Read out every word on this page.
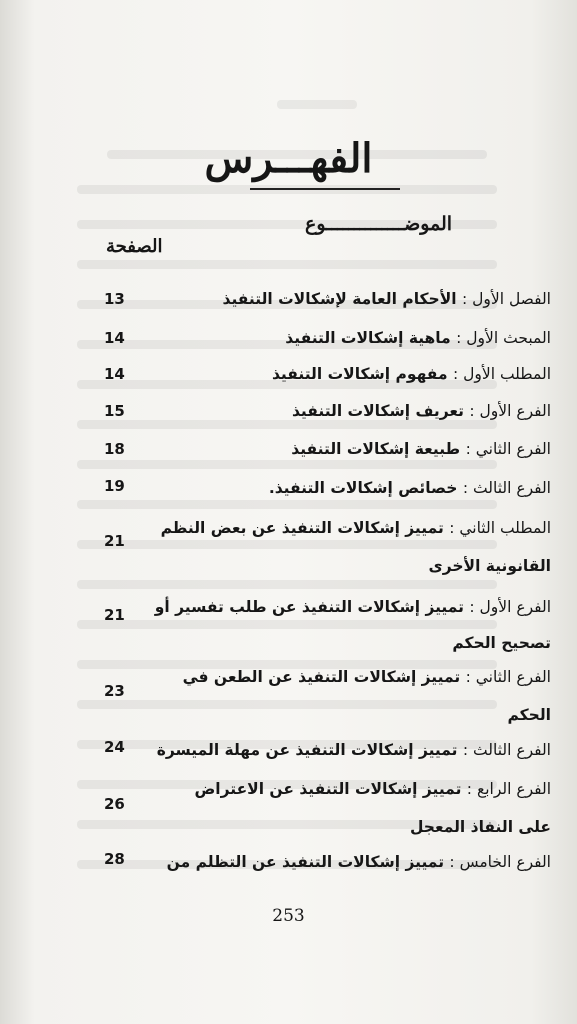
الفهـــرس
الموضــــــــــــــوع
الصفحة
الفصل الأول : الأحكام العامة لإشكالات التنفيذ
13
المبحث الأول : ماهية إشكالات التنفيذ
14
المطلب الأول : مفهوم إشكالات التنفيذ
14
الفرع الأول : تعريف إشكالات التنفيذ
15
الفرع الثاني : طبيعة إشكالات التنفيذ
18
الفرع الثالث : خصائص إشكالات التنفيذ.
19
المطلب الثاني : تمييز إشكالات التنفيذ عن بعض النظم
21
القانونية الأخرى
الفرع الأول : تمييز إشكالات التنفيذ عن طلب تفسير أو
21
تصحيح الحكم
الفرع الثاني : تمييز إشكالات التنفيذ عن الطعن في
23
الحكم
الفرع الثالث : تمييز إشكالات التنفيذ عن مهلة الميسرة
24
الفرع الرابع : تمييز إشكالات التنفيذ عن الاعتراض
26
على النفاذ المعجل
الفرع الخامس : تمييز إشكالات التنفيذ عن التظلم من
28
253
